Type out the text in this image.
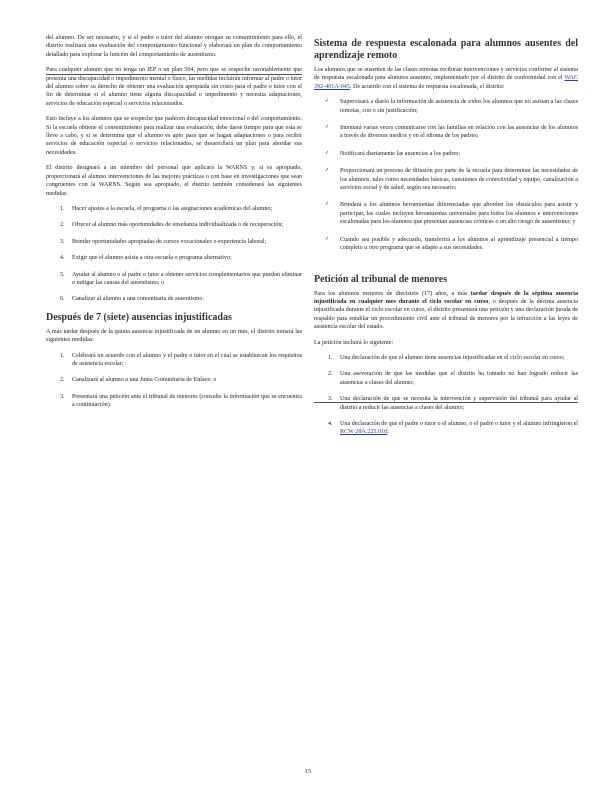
del alumno. De ser necesario, y si el padre o tutor del alumno otorgan su consentimiento para ello, el distrito realizará una evaluación del comportamiento funcional y elaborará un plan de comportamiento detallado para explorar la función del comportamiento de ausentismo.

Para cualquier alumno que no tenga un IEP o un plan 504, pero que se sospeche razonablemente que presenta una discapacidad o impedimento mental o físico, las medidas incluirán informar al padre o tutor del alumno sobre su derecho de obtener una evaluación apropiada sin costo para el padre o tutor con el fin de determinar si el alumno tiene alguna discapacidad o impedimento y necesita adaptaciones, servicios de educación especial o servicios relacionados.

Esto incluye a los alumnos que se sospeche que padecen discapacidad emocional o del comportamiento. Si la escuela obtiene el consentimiento para realizar una evaluación, debe darse tiempo para que esta se lleve a cabo, y si se determina que el alumno es apto para que se hagan adaptaciones o para recibir servicios de educación especial o servicios relacionados, se desarrollará un plan para abordar sus necesidades.

El distrito designará a un miembro del personal que aplicará la WARNS y, si es apropiado, proporcionará al alumno intervenciones de las mejores prácticas o con base en investigaciones que sean congruentes con la WARNS. Según sea apropiado, el distrito también considerará las siguientes medidas:

1. Hacer ajustes a la escuela, el programa o las asignaciones académicas del alumno;
2. Ofrecer al alumno más oportunidades de enseñanza individualizada o de recuperación;
3. Brindar oportunidades apropiadas de cursos vocacionales o experiencia laboral;
4. Exigir que el alumno asista a otra escuela o programa alternativo;
5. Ayudar al alumno o al padre o tutor a obtener servicios complementarios que puedan eliminar o mitigar las causas del ausentismo; o
6. Canalizar al alumno a una comunitaria de ausentismo.
Después de 7 (siete) ausencias injustificadas

A más tardar después de la quinta ausencia injustificada de un alumno en un mes, el distrito tomará las siguientes medidas:

1. Celebrará un acuerdo con el alumno y el padre o tutor en el cual se establezcan los requisitos de asistencia escolar;
2. Canalizará al alumno a una Junta Comunitaria de Enlace; o
3. Presentará una petición ante el tribunal de menores (consulte la información que se encuentra a continuación).
Sistema de respuesta escalonada para alumnos ausentes del aprendizaje remoto

Los alumnos que se ausenten de las clases remotas recibirán intervenciones y servicios conforme al sistema de respuesta escalonada para alumnos ausentes, implementado por el distrito de conformidad con el WAC 392-401A-045. De acuerdo con el sistema de respuesta escalonada, el distrito:

✓ Supervisará a diario la información de asistencia de todos los alumnos que no asistan a las clases remotas, con o sin justificación;
✓ Intentará varias veces comunicarse con las familias en relación con las ausencias de los alumnos a través de diversos medios y en el idioma de los padres;
✓ Notificará diariamente las ausencias a los padres;
✓ Proporcionará un proceso de difusión por parte de la escuela para determinar las necesidades de los alumnos, tales como necesidades básicas, cuestiones de conectividad y equipo, canalización a servicios social y de salud, según sea necesario;
✓ Brindará a los alumnos herramientas diferenciadas que aborden los obstáculos para asistir y participar, las cuales incluyen herramientas universales para todos los alumnos e intervenciones escalonadas para los alumnos que presentan ausencias crónicas o un alto riesgo de ausentismo; y
✓ Cuando sea posible y adecuado, transferirá a los alumnos al aprendizaje presencial a tiempo completo u otro programa que se adapte a sus necesidades.
Petición al tribunal de menores

Para los alumnos menores de diecisiete (17) años, a más tardar después de la séptima ausencia injustificada en cualquier mes durante el ciclo escolar en curso, o después de la décima ausencia injustificada durante el ciclo escolar en curso, el distrito presentará una petición y una declaración jurada de respaldo para entablar un procedimiento civil ante el tribunal de menores por la infracción a las leyes de asistencia escolar del estado.

La petición incluirá lo siguiente:

1. Una declaración de que el alumno tiene ausencias injustificadas en el ciclo escolar en curso;
2. Una aseveración de que las medidas que el distrito ha tomado no han logrado reducir las ausencias a clases del alumno;
3. Una declaración de que se necesita la intervención y supervisión del tribunal para ayudar al distrito a reducir las ausencias a clases del alumno;
4. Una declaración de que el padre o tutor o el alumno, o el padre o tutor y el alumno infringieron el RCW 28A.225.010;
15
